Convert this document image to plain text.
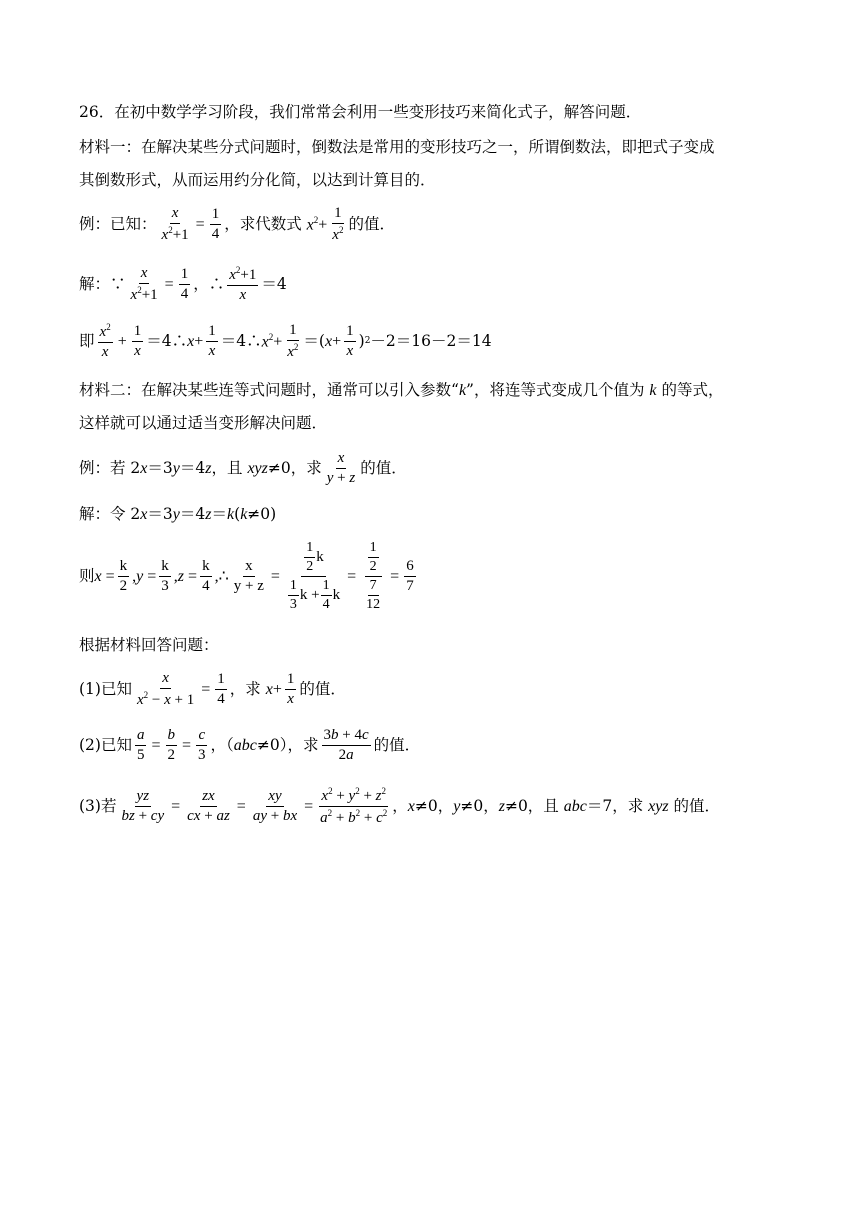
26．在初中数学学习阶段，我们常常会利用一些变形技巧来简化式子，解答问题．
材料一：在解决某些分式问题时，倒数法是常用的变形技巧之一，所谓倒数法，即把式子变成
其倒数形式，从而运用约分化简，以达到计算目的．
例：已知： $\frac{x}{x^2+1} = \frac{1}{4}$ ，求代数式 $x^2+ \frac{1}{x^2}$ 的值．
解：∵ $\frac{x}{x^2+1} = \frac{1}{4}$ ，∴ $\frac{x^2+1}{x} =4$
即 $\frac{x^2}{x} + \frac{1}{x}$ ＝4∴ $x+ \frac{1}{x}$ ＝4∴ $x^2+ \frac{1}{x^2}$ ＝( $x+ \frac{1}{x}$ ) 2 －2＝16－2＝14
材料二：在解决某些连等式问题时，通常可以引入参数“ k ”，将连等式变成几个值为 k 的等式，
这样就可以通过适当变形解决问题．
例：若 2 x ＝3 y ＝4 z ，且 xyz ≠0，求 $\frac{x}{y + z}$ 的值．
解：令 2 x ＝3 y ＝4 z ＝ k ( k ≠0)
则 $x = \frac{k}{2} ,y = \frac{k}{3} ,z = \frac{k}{4}$ ,∴ $\frac{x}{y + z} = \frac{\frac{1}{2} k}{\frac{1}{3} k + \frac{1}{4} k} = \frac{\frac{1}{2}}{\frac{7}{12}} = \frac{6}{7}$
根据材料回答问题：
(1)已知 $\frac{x}{x^2 - x + 1} = \frac{1}{4}$ ，求 $x+ \frac{1}{x}$ 的值．
(2)已知 $\frac{a}{5} = \frac{b}{2} = \frac{c}{3}$ ，（ abc ≠0），求 $\frac{3b + 4c}{2a}$ 的值．
(3)若 $\frac{yz}{bz + cy} = \frac{zx}{cx + az} = \frac{xy}{ay + bx} = \frac{x^2 + y^2 + z^2}{a^2 + b^2 + c^2}$ ， x ≠0， y ≠0， z ≠0，且 abc ＝7，求 xyz 的值．
